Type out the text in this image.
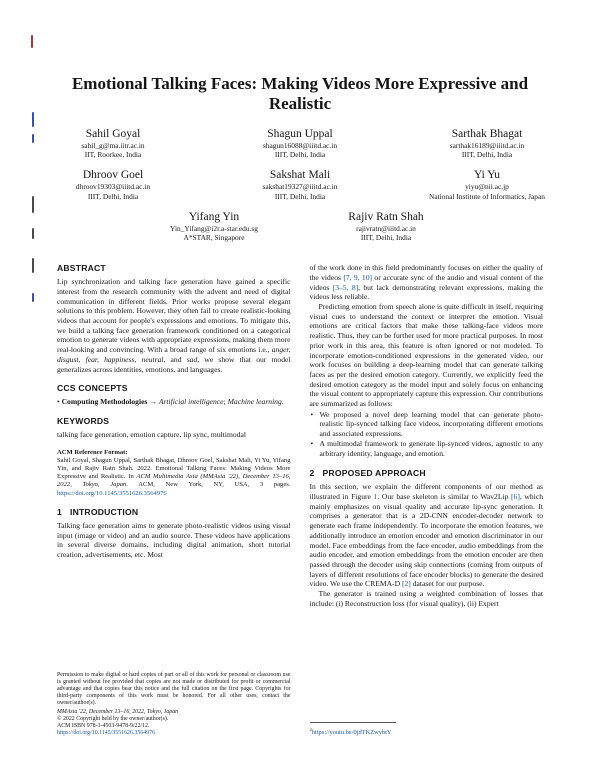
Emotional Talking Faces: Making Videos More Expressive and Realistic
Sahil Goyal
sahil_g@ma.iitr.ac.in
IIT, Roorkee, India
Shagun Uppal
shagun16088@iiitd.ac.in
IIIT, Delhi, India
Sarthak Bhagat
sarthak16189@iiitd.ac.in
IIIT, Delhi, India
Dhroov Goel
dhroov19303@iiitd.ac.in
IIIT, Delhi, India
Sakshat Mali
sakshat19327@iiitd.ac.in
IIIT, Delhi, India
Yi Yu
yiyu@nii.ac.jp
National Institute of Informatics, Japan
Yifang Yin
Yin_Yifang@i2r.a-star.edu.sg
A*STAR, Singapore
Rajiv Ratn Shah
rajivratn@iiitd.ac.in
IIIT, Delhi, India
ABSTRACT

Lip synchronization and talking face generation have gained a specific interest from the research community with the advent and need of digital communication in different fields. Prior works propose several elegant solutions to this problem. However, they often fail to create realistic-looking videos that account for people's expressions and emotions. To mitigate this, we build a talking face generation framework conditioned on a categorical emotion to generate videos with appropriate expressions, making them more real-looking and convincing. With a broad range of six emotions i.e., anger, disgust, fear, happiness, neutral, and sad, we show that our model generalizes across identities, emotions, and languages.

CCS CONCEPTS

• Computing Methodologies → Artificial intelligence; Machine learning.

KEYWORDS

talking face generation, emotion capture, lip sync, multimodal

ACM Reference Format:
Sahil Goyal, Shagun Uppal, Sarthak Bhagat, Dhroov Goel, Sakshat Mali, Yi Yu, Yifang Yin, and Rajiv Ratn Shah. 2022. Emotional Talking Faces: Making Videos More Expressive and Realistic. In ACM Multimedia Asia (MMAsia '22), December 13–16, 2022, Tokyo, Japan. ACM, New York, NY, USA, 3 pages. https://doi.org/10.1145/3551626.3564976
1 INTRODUCTION

Talking face generation aims to generate photo-realistic videos using visual input (image or video) and an audio source. These videos have applications in several diverse domains, including digital animation, short tutorial creation, advertisements, etc. Most

Permission to make digital or hard copies of part or all of this work for personal or classroom use is granted without fee provided that copies are not made or distributed for profit or commercial advantage and that copies bear this notice and the full citation on the first page. Copyrights for third-party components of this work must be honored. For all other uses, contact the owner/author(s).
MMAsia '22, December 13–16, 2022, Tokyo, Japan
© 2022 Copyright held by the owner/author(s).
ACM ISBN 978-1-4503-9478-9/22/12.
https://doi.org/10.1145/3551626.3564976

of the work done in this field predominantly focuses on either the quality of the videos [7, 9, 10] or accurate sync of the audio and visual content of the videos [3–5, 8], but lack demonstrating relevant expressions, making the videos less reliable.

Predicting emotion from speech alone is quite difficult in itself, requiring visual cues to understand the context or interpret the emotion. Visual emotions are critical factors that make these talking-face videos more realistic. Thus, they can be further used for more practical purposes. In most prior work in this area, this feature is often ignored or not modeled. To incorporate emotion-conditioned expressions in the generated video, our work focuses on building a deep-learning model that can generate talking faces as per the desired emotion category. Currently, we explicitly feed the desired emotion category as the model input and solely focus on enhancing the visual content to appropriately capture this expression. Our contributions are summarized as follows:

• We proposed a novel deep learning model that can generate photo-realistic lip-synced talking face videos, incorporating different emotions and associated expressions.
• A multimodal framework to generate lip-synced videos, agnostic to any arbitrary identity, language, and emotion.
2 PROPOSED APPROACH

In this section, we explain the different components of our method as illustrated in Figure 1. Our base skeleton is similar to Wav2Lip [6], which mainly emphasizes on visual quality and accurate lip-sync generation. It comprises a generator that is a 2D-CNN encoder-decoder network to generate each frame independently. To incorporate the emotion features, we additionally introduce an emotion encoder and emotion discriminator in our model. Face embeddings from the face encoder, audio embeddings from the audio encoder, and emotion embeddings from the emotion encoder are then passed through the decoder using skip connections (coming from outputs of layers of different resolutions of face encoder blocks) to generate the desired video. We use the CREMA-D [2] dataset for our purpose.

The generator is trained using a weighted combination of losses that include: (i) Reconstruction loss (for visual quality), (ii) Expert

$^2$https://youtu.be/0jdTKZwybtY
